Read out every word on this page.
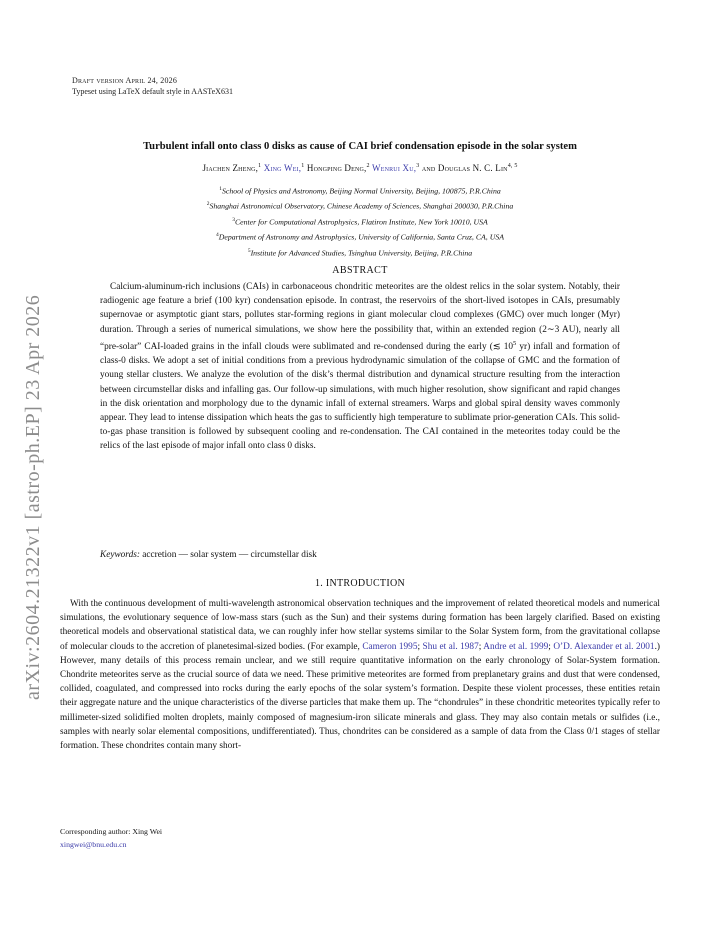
arXiv:2604.21322v1 [astro-ph.EP] 23 Apr 2026
Draft version April 24, 2026
Typeset using LaTeX default style in AASTeX631
Turbulent infall onto class 0 disks as cause of CAI brief condensation episode in the solar system
Jiachen Zheng,$^1$ Xing Wei,$^1$ Hongping Deng,$^2$ Wenrui Xu,$^3$ and Douglas N. C. Lin$^{4, 5}$
$^1$School of Physics and Astronomy, Beijing Normal University, Beijing, 100875, P.R.China
$^2$Shanghai Astronomical Observatory, Chinese Academy of Sciences, Shanghai 200030, P.R.China
$^3$Center for Computational Astrophysics, Flatiron Institute, New York 10010, USA
$^4$Department of Astronomy and Astrophysics, University of California, Santa Cruz, CA, USA
$^5$Institute for Advanced Studies, Tsinghua University, Beijing, P.R.China
ABSTRACT

Calcium-aluminum-rich inclusions (CAIs) in carbonaceous chondritic meteorites are the oldest relics in the solar system. Notably, their radiogenic age feature a brief (100 kyr) condensation episode. In contrast, the reservoirs of the short-lived isotopes in CAIs, presumably supernovae or asymptotic giant stars, pollutes star-forming regions in giant molecular cloud complexes (GMC) over much longer (Myr) duration. Through a series of numerical simulations, we show here the possibility that, within an extended region (2∼3 AU), nearly all “pre-solar” CAI-loaded grains in the infall clouds were sublimated and re-condensed during the early (≲ $10^5$ yr) infall and formation of class-0 disks. We adopt a set of initial conditions from a previous hydrodynamic simulation of the collapse of GMC and the formation of young stellar clusters. We analyze the evolution of the disk’s thermal distribution and dynamical structure resulting from the interaction between circumstellar disks and infalling gas. Our follow-up simulations, with much higher resolution, show significant and rapid changes in the disk orientation and morphology due to the dynamic infall of external streamers. Warps and global spiral density waves commonly appear. They lead to intense dissipation which heats the gas to sufficiently high temperature to sublimate prior-generation CAIs. This solid-to-gas phase transition is followed by subsequent cooling and re-condensation. The CAI contained in the meteorites today could be the relics of the last episode of major infall onto class 0 disks.

Keywords: accretion — solar system — circumstellar disk
1. INTRODUCTION

With the continuous development of multi-wavelength astronomical observation techniques and the improvement of related theoretical models and numerical simulations, the evolutionary sequence of low-mass stars (such as the Sun) and their systems during formation has been largely clarified. Based on existing theoretical models and observational statistical data, we can roughly infer how stellar systems similar to the Solar System form, from the gravitational collapse of molecular clouds to the accretion of planetesimal-sized bodies. (For example, Cameron 1995; Shu et al. 1987; Andre et al. 1999; O’D. Alexander et al. 2001.) However, many details of this process remain unclear, and we still require quantitative information on the early chronology of Solar-System formation. Chondrite meteorites serve as the crucial source of data we need. These primitive meteorites are formed from preplanetary grains and dust that were condensed, collided, coagulated, and compressed into rocks during the early epochs of the solar system’s formation. Despite these violent processes, these entities retain their aggregate nature and the unique characteristics of the diverse particles that make them up. The “chondrules” in these chondritic meteorites typically refer to millimeter-sized solidified molten droplets, mainly composed of magnesium-iron silicate minerals and glass. They may also contain metals or sulfides (i.e., samples with nearly solar elemental compositions, undifferentiated). Thus, chondrites can be considered as a sample of data from the Class 0/1 stages of stellar formation. These chondrites contain many short-

Corresponding author: Xing Wei
xingwei@bnu.edu.cn
